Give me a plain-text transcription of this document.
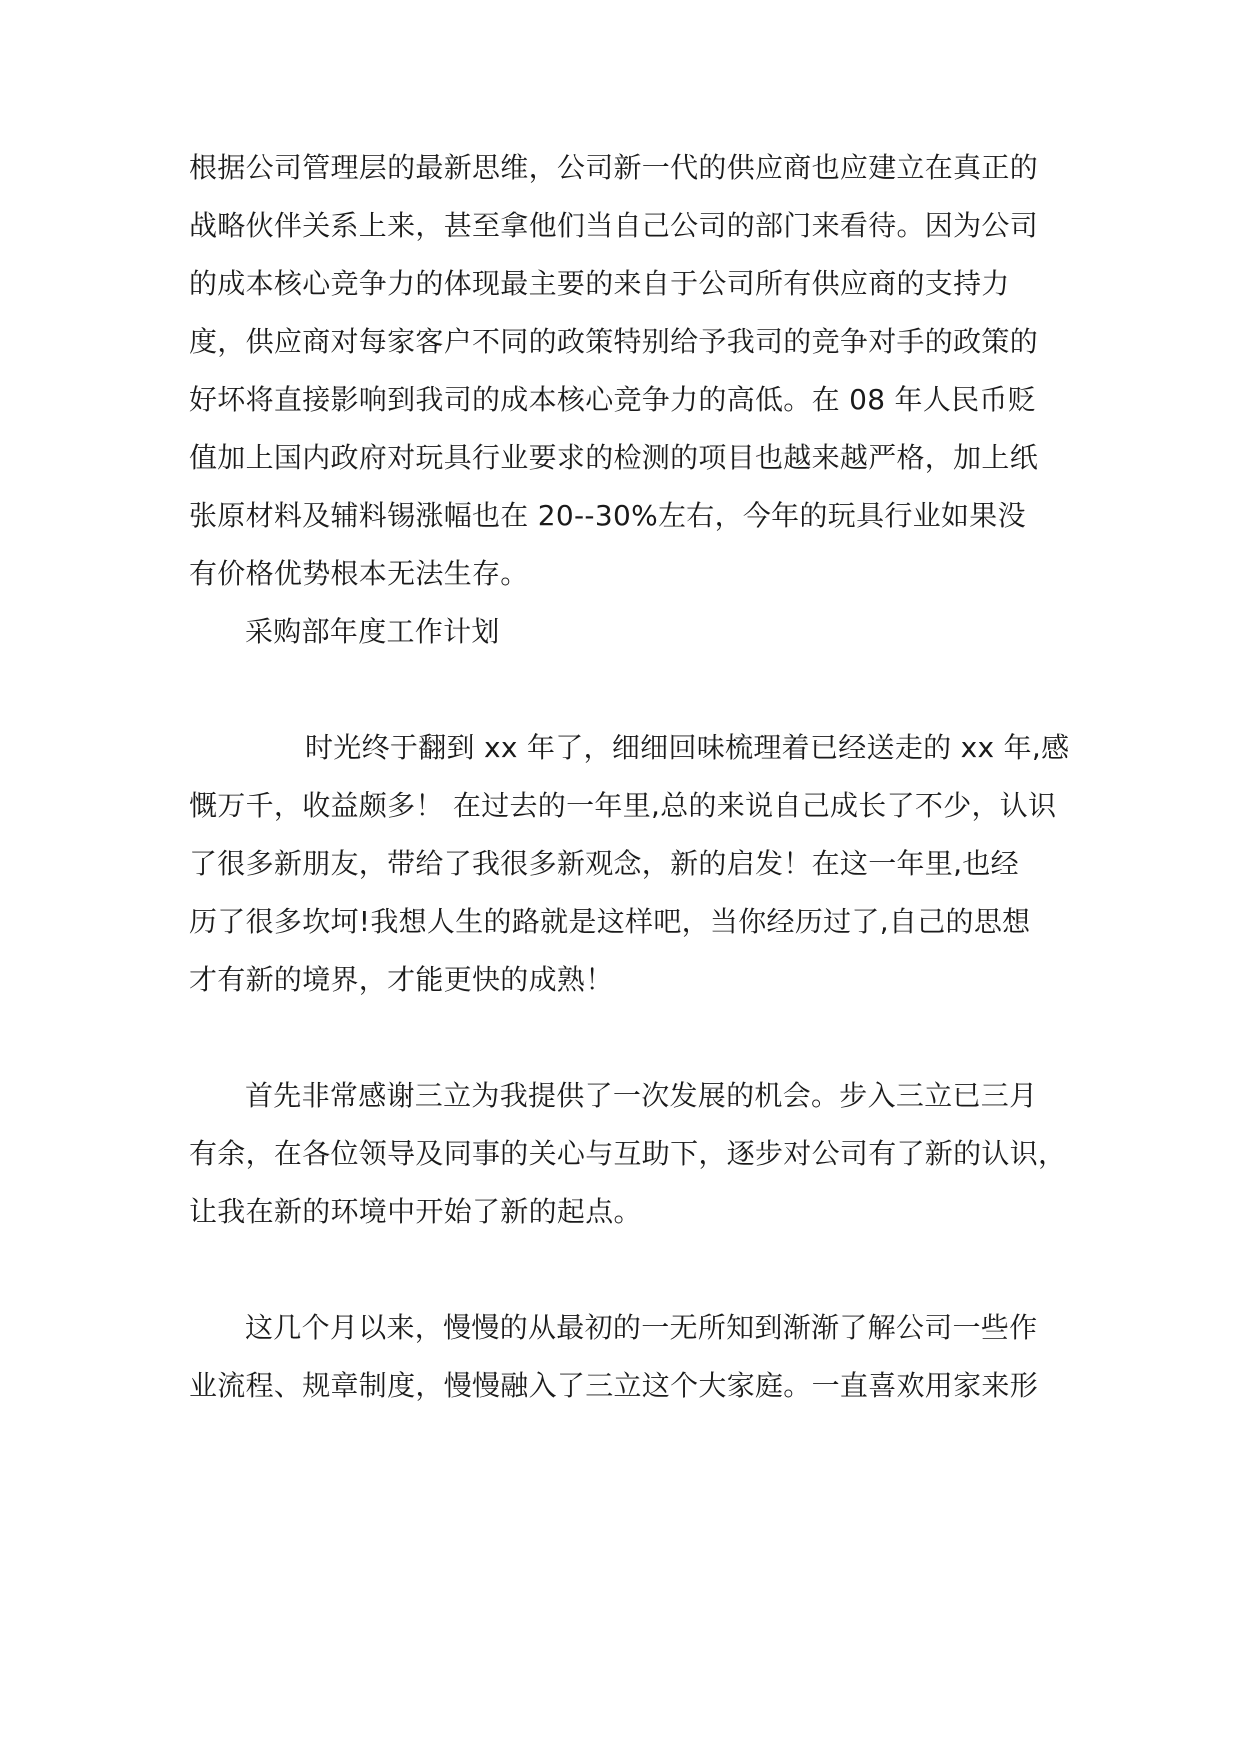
根据公司管理层的最新思维，公司新一代的供应商也应建立在真正的
战略伙伴关系上来，甚至拿他们当自己公司的部门来看待。因为公司
的成本核心竞争力的体现最主要的来自于公司所有供应商的支持力
度，供应商对每家客户不同的政策特别给予我司的竞争对手的政策的
好坏将直接影响到我司的成本核心竞争力的高低。在 08 年人民币贬
值加上国内政府对玩具行业要求的检测的项目也越来越严格，加上纸
张原材料及辅料锡涨幅也在 20--30%左右，今年的玩具行业如果没
有价格优势根本无法生存。
采购部年度工作计划
时光终于翻到 xx 年了，细细回味梳理着已经送走的 xx 年,感
慨万千，收益颇多！ 在过去的一年里,总的来说自己成长了不少，认识
了很多新朋友，带给了我很多新观念，新的启发！在这一年里,也经
历了很多坎坷!我想人生的路就是这样吧，当你经历过了,自己的思想
才有新的境界，才能更快的成熟！
首先非常感谢三立为我提供了一次发展的机会。步入三立已三月
有余，在各位领导及同事的关心与互助下，逐步对公司有了新的认识，
让我在新的环境中开始了新的起点。
这几个月以来，慢慢的从最初的一无所知到渐渐了解公司一些作
业流程、规章制度，慢慢融入了三立这个大家庭。一直喜欢用家来形
